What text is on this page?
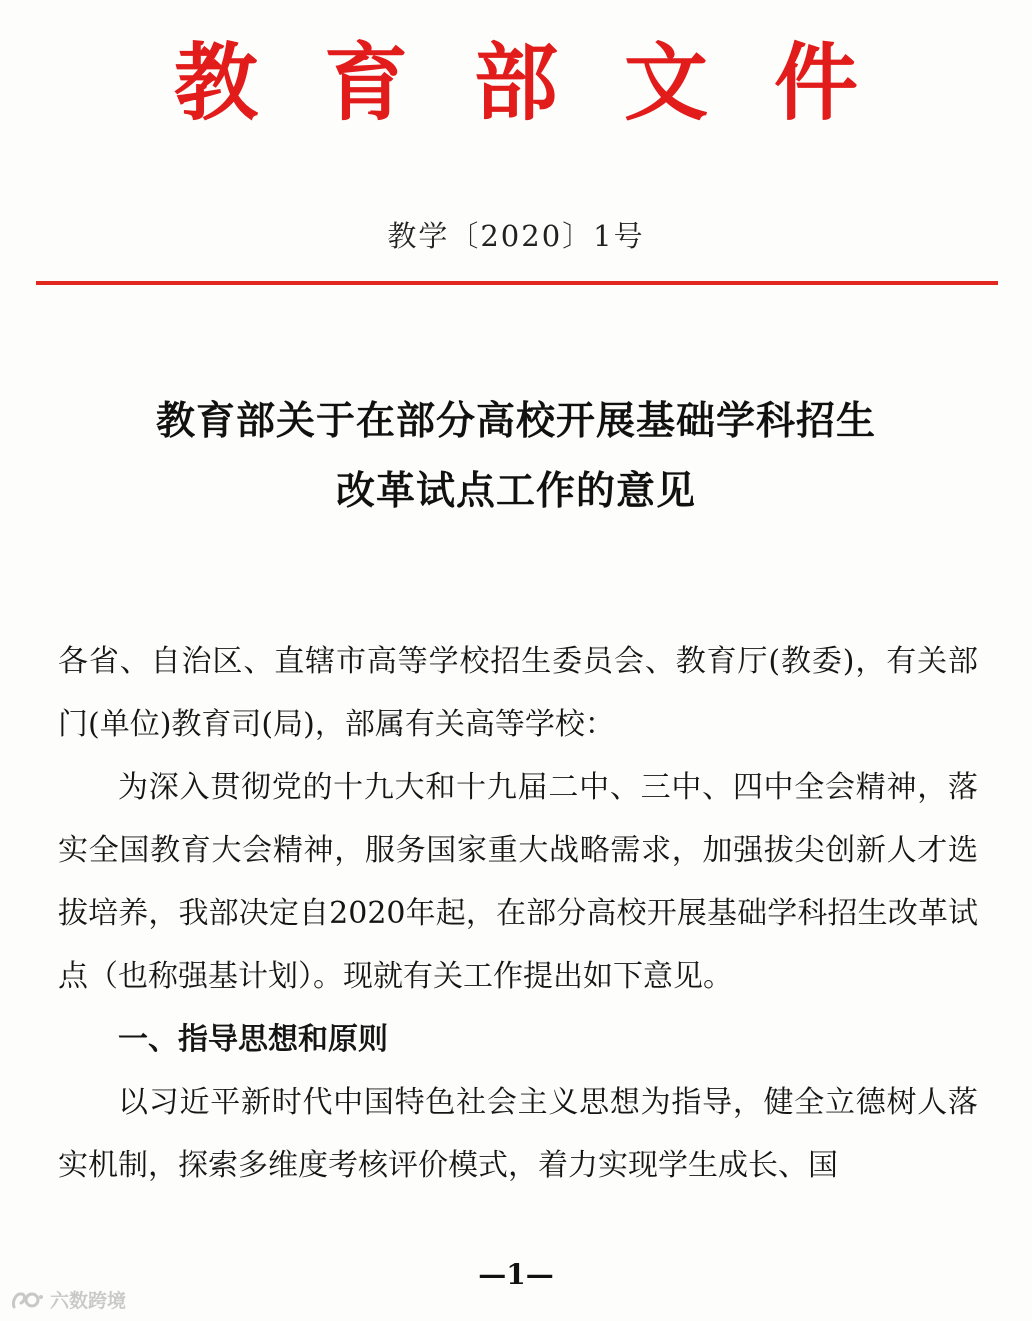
教育部文件
教学〔2020〕1号
教育部关于在部分高校开展基础学科招生
改革试点工作的意见

各省、自治区、直辖市高等学校招生委员会、教育厅(教委)，有关部门(单位)教育司(局)，部属有关高等学校：

为深入贯彻党的十九大和十九届二中、三中、四中全会精神，落实全国教育大会精神，服务国家重大战略需求，加强拔尖创新人才选拔培养，我部决定自2020年起，在部分高校开展基础学科招生改革试点（也称强基计划）。现就有关工作提出如下意见。

一、指导思想和原则

以习近平新时代中国特色社会主义思想为指导，健全立德树人落实机制，探索多维度考核评价模式，着力实现学生成长、国

—1—
六数跨境
